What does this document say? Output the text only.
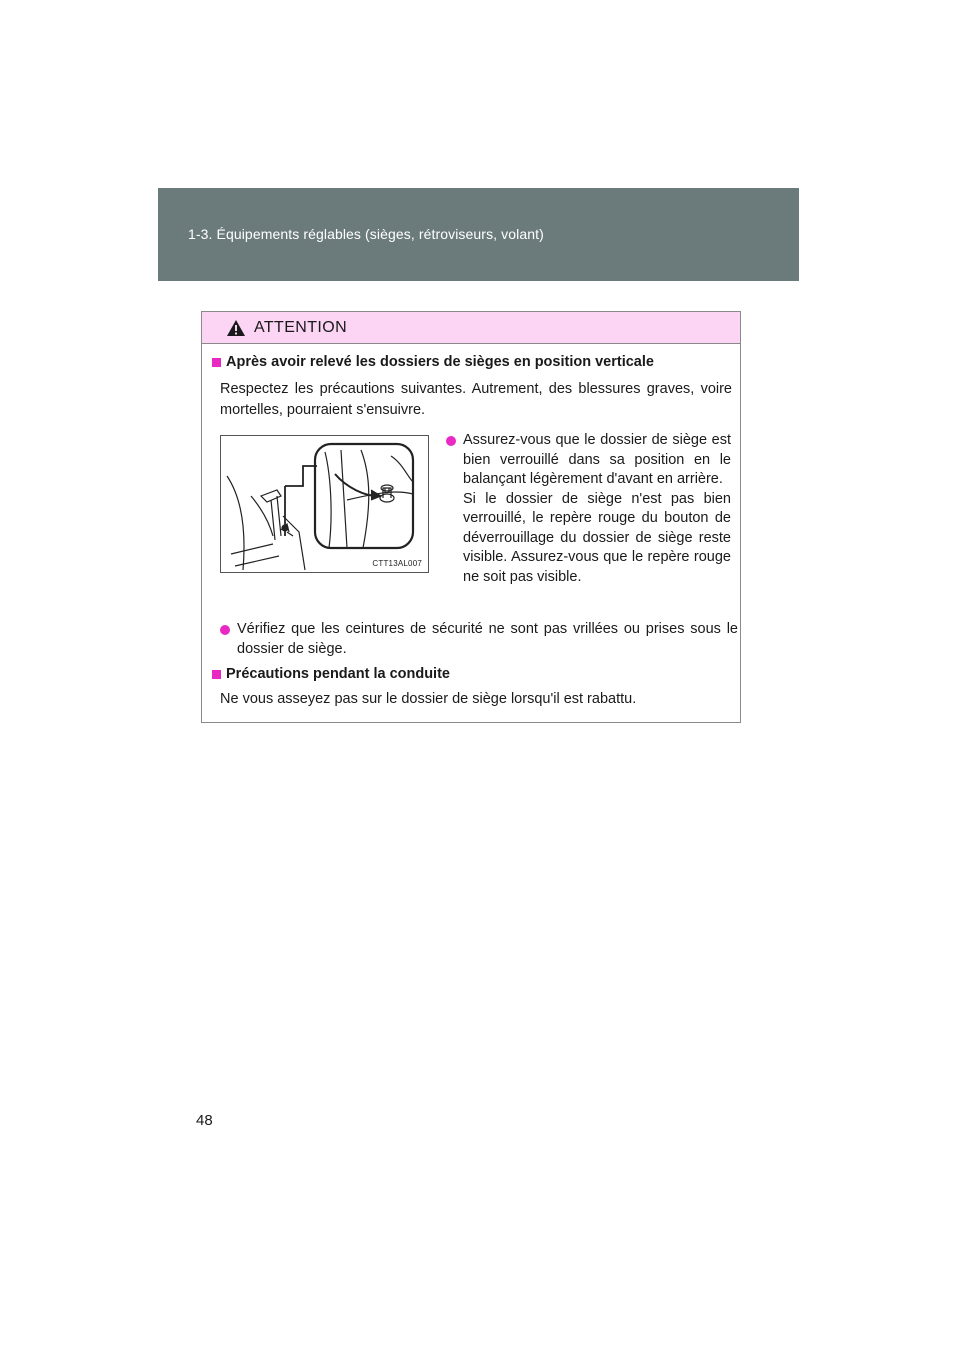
1-3. Équipements réglables (sièges, rétroviseurs, volant)
ATTENTION
Après avoir relevé les dossiers de sièges en position verticale
Respectez les précautions suivantes. Autrement, des blessures graves, voire mortelles, pourraient s'ensuivre.
CTT13AL007
Assurez-vous que le dossier de siège est bien verrouillé dans sa position en le balançant légèrement d'avant en arrière.
Si le dossier de siège n'est pas bien verrouillé, le repère rouge du bouton de déverrouillage du dossier de siège reste visible. Assurez-vous que le repère rouge ne soit pas visible.
Vérifiez que les ceintures de sécurité ne sont pas vrillées ou prises sous le dossier de siège.
Précautions pendant la conduite
Ne vous asseyez pas sur le dossier de siège lorsqu'il est rabattu.
48
